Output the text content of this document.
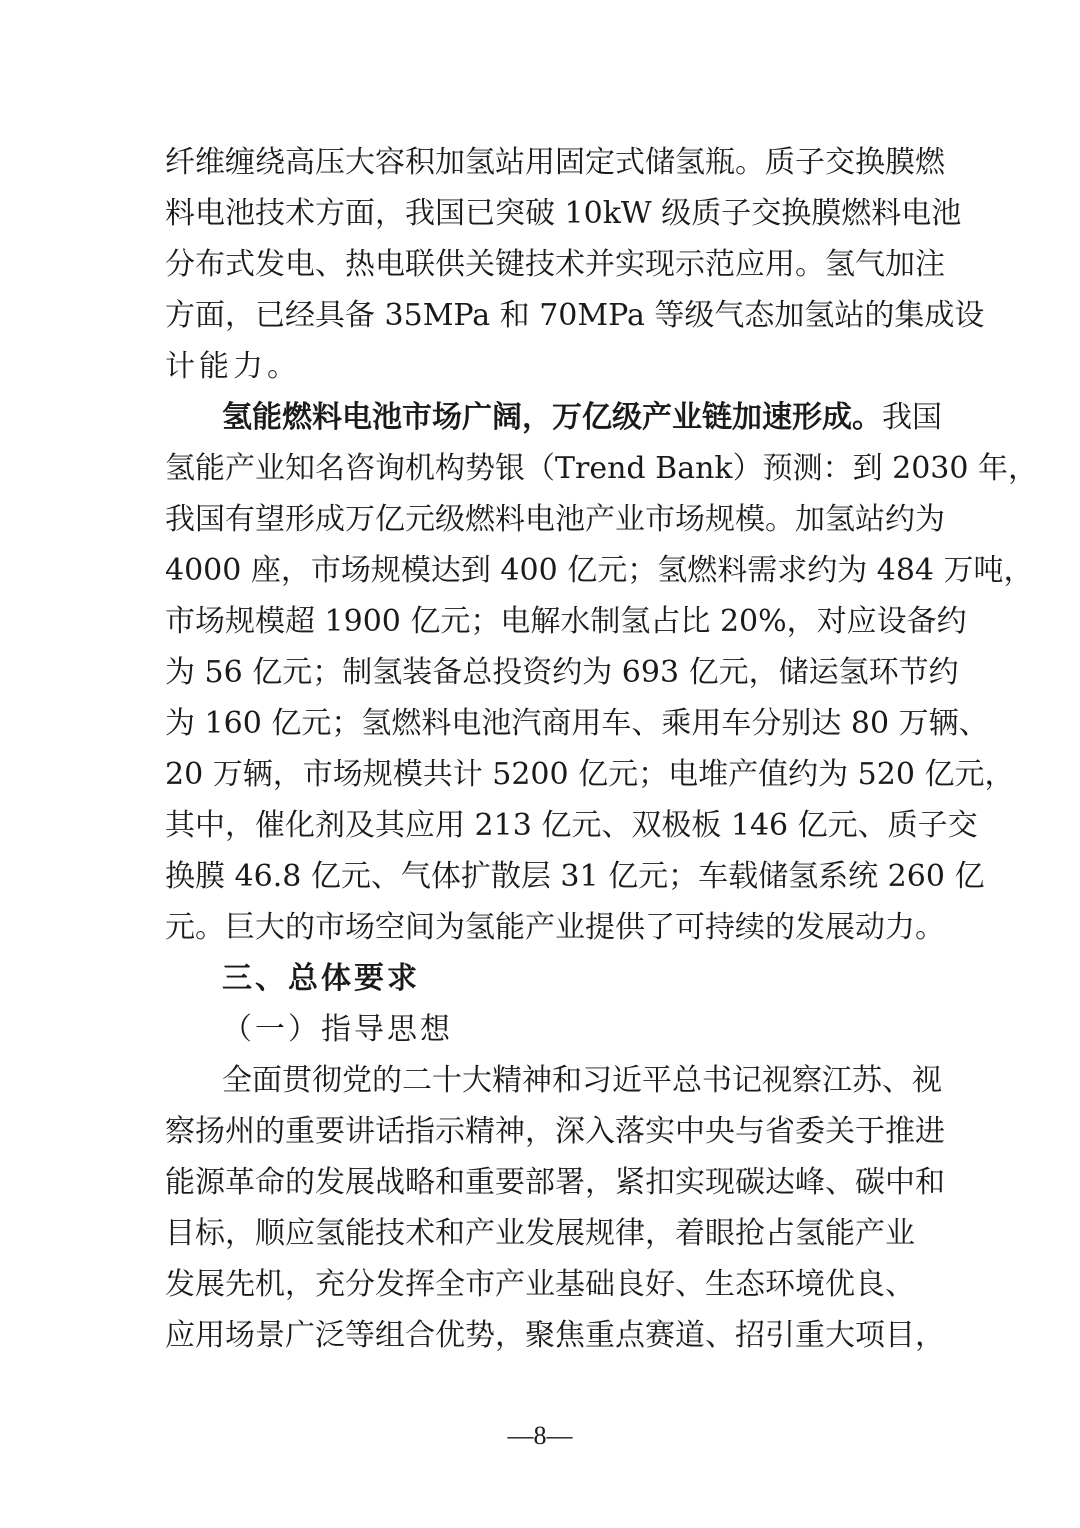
纤维缠绕高压大容积加氢站用固定式储氢瓶。质子交换膜燃
料电池技术方面，我国已突破 10kW 级质子交换膜燃料电池
分布式发电、热电联供关键技术并实现示范应用。氢气加注
方面，已经具备 35MPa 和 70MPa 等级气态加氢站的集成设
计能力。
氢能燃料电池市场广阔，万亿级产业链加速形成。我国
氢能产业知名咨询机构势银（Trend Bank）预测：到 2030 年，
我国有望形成万亿元级燃料电池产业市场规模。加氢站约为
4000 座，市场规模达到 400 亿元；氢燃料需求约为 484 万吨，
市场规模超 1900 亿元；电解水制氢占比 20%，对应设备约
为 56 亿元；制氢装备总投资约为 693 亿元，储运氢环节约
为 160 亿元；氢燃料电池汽商用车、乘用车分别达 80 万辆、
20 万辆，市场规模共计 5200 亿元；电堆产值约为 520 亿元，
其中，催化剂及其应用 213 亿元、双极板 146 亿元、质子交
换膜 46.8 亿元、气体扩散层 31 亿元；车载储氢系统 260 亿
元。巨大的市场空间为氢能产业提供了可持续的发展动力。
三、总体要求
（一）指导思想
全面贯彻党的二十大精神和习近平总书记视察江苏、视
察扬州的重要讲话指示精神，深入落实中央与省委关于推进
能源革命的发展战略和重要部署，紧扣实现碳达峰、碳中和
目标，顺应氢能技术和产业发展规律，着眼抢占氢能产业
发展先机，充分发挥全市产业基础良好、生态环境优良、
应用场景广泛等组合优势，聚焦重点赛道、招引重大项目，
—8—
